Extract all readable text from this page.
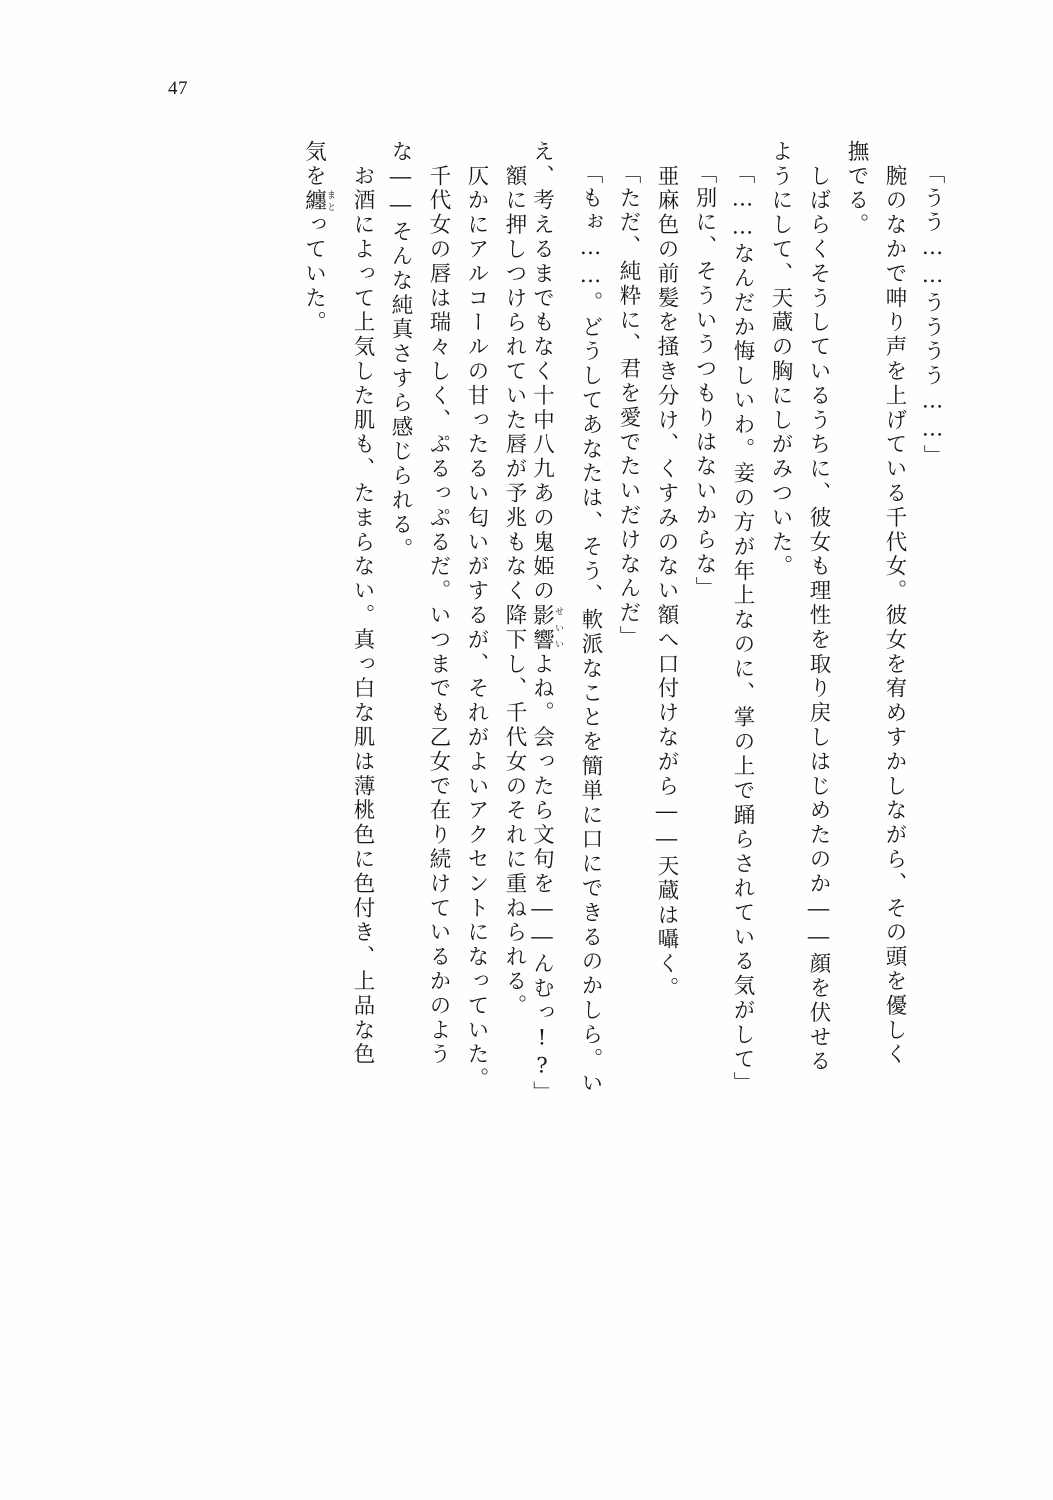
47
「うう……うううう……」
　腕のなかで呻り声を上げている千代女。彼女を宥めすかしながら、その頭を優しく
撫でる。
　しばらくそうしているうちに、彼女も理性を取り戻しはじめたのか――顔を伏せる
ようにして、天蔵の胸にしがみついた。
「……なんだか悔しいわ。妾の方が年上なのに、掌の上で踊らされている気がして」
「別に、そういうつもりはないからな」
　亜麻色の前髪を掻き分け、くすみのない額へ口付けながら――天蔵は囁く。
「ただ、純粋に、君を愛でたいだけなんだ」
「もぉ……。どうしてあなたは、そう、軟派なことを簡単に口にできるのかしら。い
え、考えるまでもなく十中八九あの鬼姫の影響せいいよね。会ったら文句を――んむっ!?」
　額に押しつけられていた唇が予兆もなく降下し、千代女のそれに重ねられる。
　仄かにアルコールの甘ったるい匂いがするが、それがよいアクセントになっていた。
　千代女の唇は瑞々しく、ぷるっぷるだ。いつまでも乙女で在り続けているかのよう
な――そんな純真さすら感じられる。
　お酒によって上気した肌も、たまらない。真っ白な肌は薄桃色に色付き、上品な色
気を纏まとっていた。
